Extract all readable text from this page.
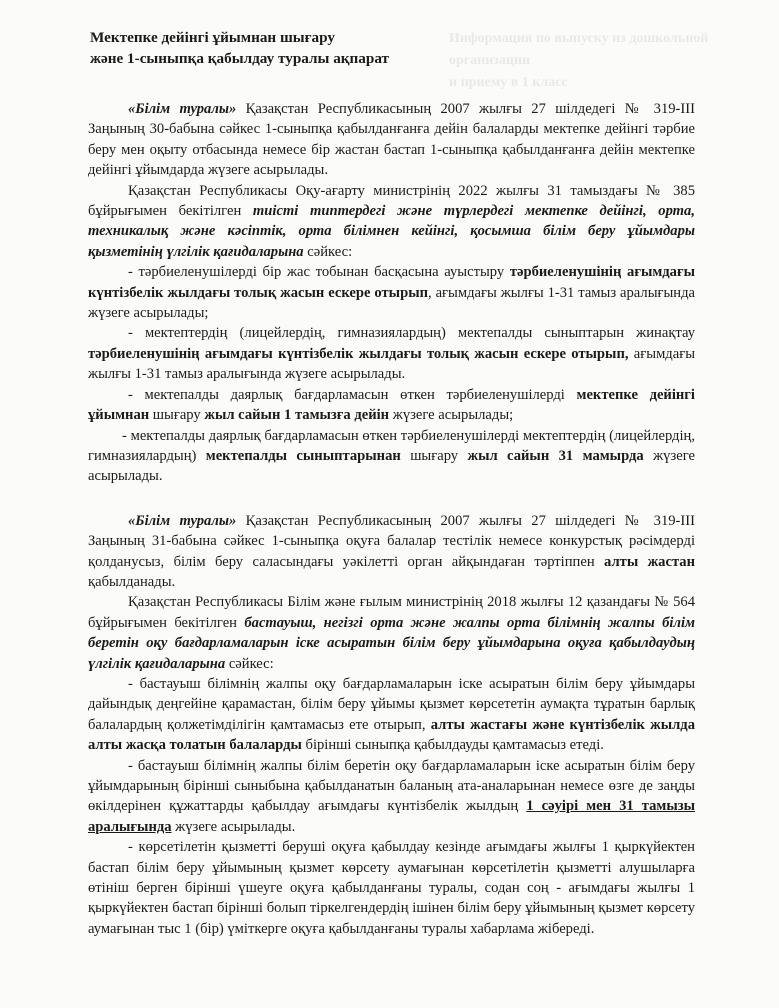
Информация по выпуску из дошкольной организации
и приему в 1 класс
Мектепке дейінгі ұйымнан шығару
және 1-сыныпқа қабылдау туралы ақпарат

«Білім туралы» Қазақстан Республикасының 2007 жылғы 27 шілдедегі № 319-III Заңының 30-бабына сәйкес 1-сыныпқа қабылданғанға дейін балаларды мектепке дейінгі тәрбие беру мен оқыту отбасында немесе бір жастан бастап 1-сыныпқа қабылданғанға дейін мектепке дейінгі ұйымдарда жүзеге асырылады.

Қазақстан Республикасы Оқу-ағарту министрінің 2022 жылғы 31 тамыздағы № 385 бұйрығымен бекітілген тиісті типтердегі және түрлердегі мектепке дейінгі, орта, техникалық және кәсіптік, орта білімнен кейінгі, қосымша білім беру ұйымдары қызметінің үлгілік қағидаларына сәйкес:

- тәрбиеленушілерді бір жас тобынан басқасына ауыстыру тәрбиеленушінің ағымдағы күнтізбелік жылдағы толық жасын ескере отырып, ағымдағы жылғы 1-31 тамыз аралығында жүзеге асырылады;

- мектептердің (лицейлердің, гимназиялардың) мектепалды сыныптарын жинақтау тәрбиеленушінің ағымдағы күнтізбелік жылдағы толық жасын ескере отырып, ағымдағы жылғы 1-31 тамыз аралығында жүзеге асырылады.

- мектепалды даярлық бағдарламасын өткен тәрбиеленушілерді мектепке дейінгі ұйымнан шығару жыл сайын 1 тамызға дейін жүзеге асырылады;

- мектепалды даярлық бағдарламасын өткен тәрбиеленушілерді мектептердің (лицейлердің, гимназиялардың) мектепалды сыныптарынан шығару жыл сайын 31 мамырда жүзеге асырылады.

«Білім туралы» Қазақстан Республикасының 2007 жылғы 27 шілдедегі № 319-III Заңының 31-бабына сәйкес 1-сыныпқа оқуға балалар тестілік немесе конкурстық рәсімдерді қолданусыз, білім беру саласындағы уәкілетті орган айқындаған тәртіппен алты жастан қабылданады.

Қазақстан Республикасы Білім және ғылым министрінің 2018 жылғы 12 қазандағы № 564 бұйрығымен бекітілген бастауыш, негізгі орта және жалпы орта білімнің жалпы білім беретін оқу бағдарламаларын іске асыратын білім беру ұйымдарына оқуға қабылдаудың үлгілік қағидаларына сәйкес:

- бастауыш білімнің жалпы оқу бағдарламаларын іске асыратын білім беру ұйымдары дайындық деңгейіне қарамастан, білім беру ұйымы қызмет көрсететін аумақта тұратын барлық балалардың қолжетімділігін қамтамасыз ете отырып, алты жастағы және күнтізбелік жылда алты жасқа толатын балаларды бірінші сыныпқа қабылдауды қамтамасыз етеді.

- бастауыш білімнің жалпы білім беретін оқу бағдарламаларын іске асыратын білім беру ұйымдарының бірінші сыныбына қабылданатын баланың ата-аналарынан немесе өзге де заңды өкілдерінен құжаттарды қабылдау ағымдағы күнтізбелік жылдың 1 сәуірі мен 31 тамызы аралығында жүзеге асырылады.

- көрсетілетін қызметті беруші оқуға қабылдау кезінде ағымдағы жылғы 1 қыркүйектен бастап білім беру ұйымының қызмет көрсету аумағынан көрсетілетін қызметті алушыларға өтініш берген бірінші үшеуге оқуға қабылданғаны туралы, содан соң - ағымдағы жылғы 1 қыркүйектен бастап бірінші болып тіркелгендердің ішінен білім беру ұйымының қызмет көрсету аумағынан тыс 1 (бір) үміткерге оқуға қабылданғаны туралы хабарлама жібереді.
